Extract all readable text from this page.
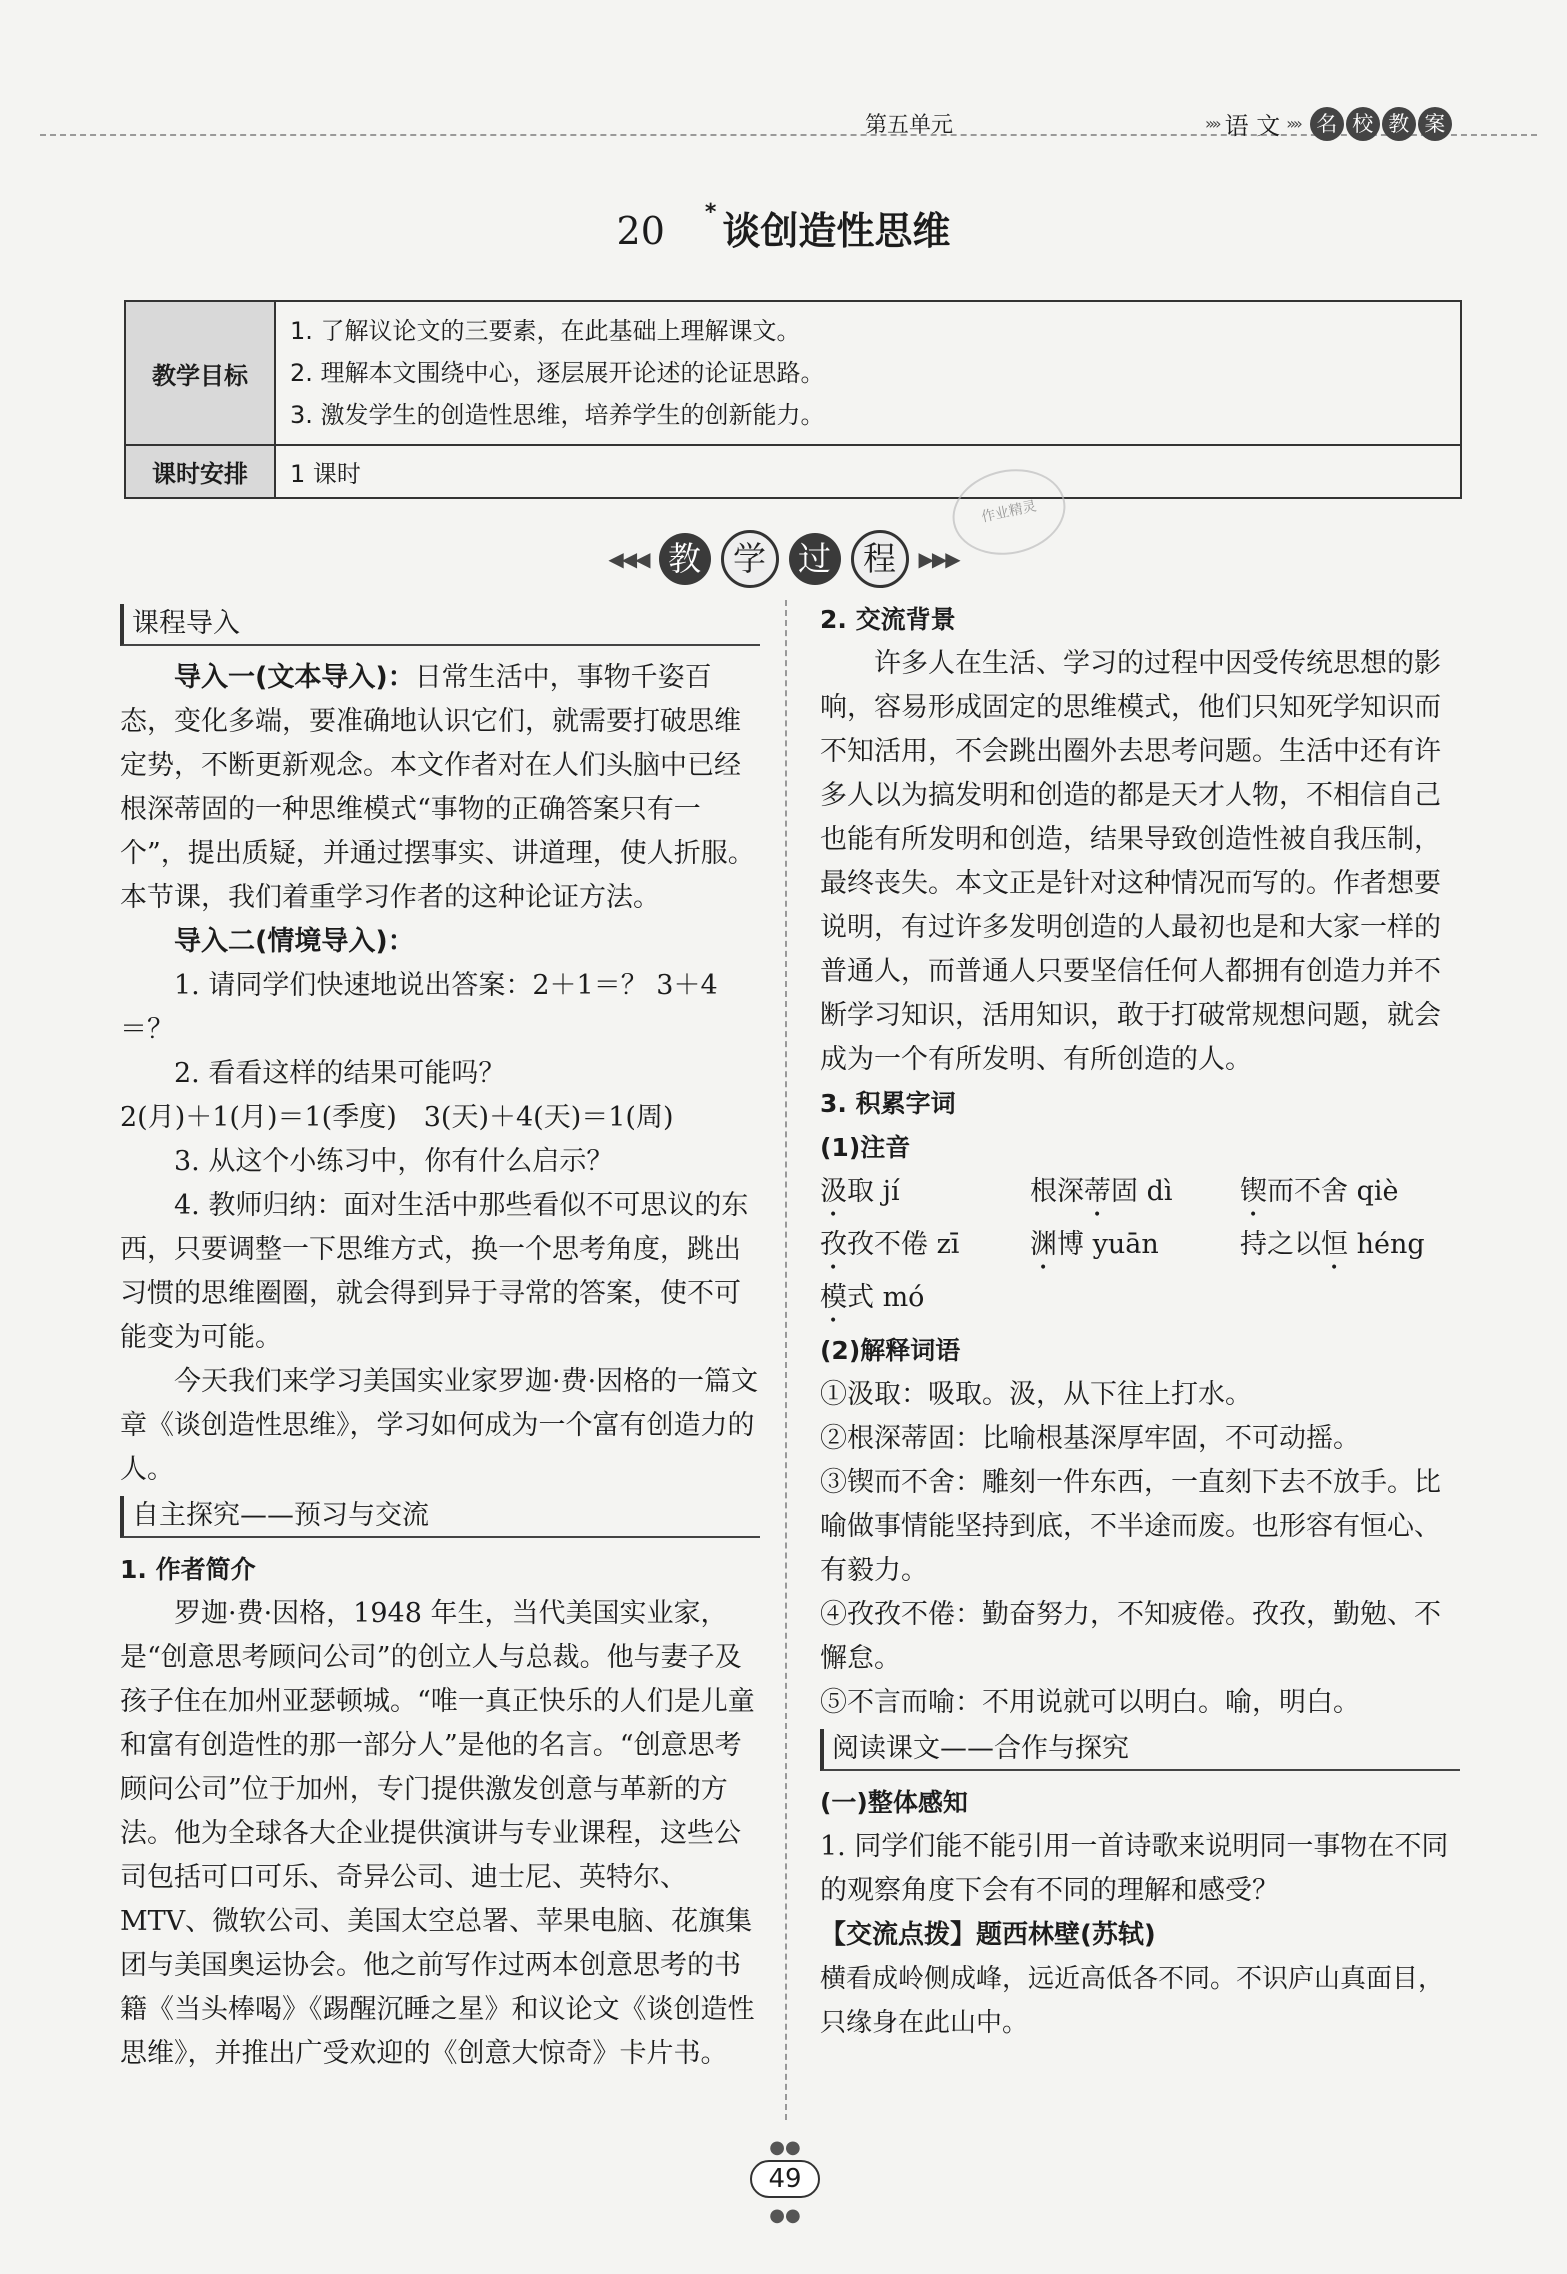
第五单元	»» 语 文 »» 名 校 教 案
20 * 谈创造性思维
教学目标	1. 了解议论文的三要素，在此基础上理解课文。
2. 理解本文围绕中心，逐层展开论述的论证思路。
3. 激发学生的创造性思维，培养学生的创新能力。

课时安排	1 课时
作业精灵
◀◀◀ 教 学 过 程	▶▶▶
课程导入

导入一(文本导入)：日常生活中，事物千姿百态，变化多端，要准确地认识它们，就需要打破思维定势，不断更新观念。本文作者对在人们头脑中已经根深蒂固的一种思维模式“事物的正确答案只有一个”，提出质疑，并通过摆事实、讲道理，使人折服。本节课，我们着重学习作者的这种论证方法。

导入二(情境导入)：

1. 请同学们快速地说出答案：2＋1＝？ 3＋4＝？

2. 看看这样的结果可能吗？

2(月)＋1(月)＝1(季度)　3(天)＋4(天)＝1(周)

3. 从这个小练习中，你有什么启示？

4. 教师归纳：面对生活中那些看似不可思议的东西，只要调整一下思维方式，换一个思考角度，跳出习惯的思维圈圈，就会得到异于寻常的答案，使不可能变为可能。

今天我们来学习美国实业家罗迦·费·因格的一篇文章《谈创造性思维》，学习如何成为一个富有创造力的人。

自主探究——预习与交流

1. 作者简介

罗迦·费·因格，1948 年生，当代美国实业家，是“创意思考顾问公司”的创立人与总裁。他与妻子及孩子住在加州亚瑟顿城。“唯一真正快乐的人们是儿童和富有创造性的那一部分人”是他的名言。“创意思考顾问公司”位于加州，专门提供激发创意与革新的方法。他为全球各大企业提供演讲与专业课程，这些公司包括可口可乐、奇异公司、迪士尼、英特尔、MTV、微软公司、美国太空总署、苹果电脑、花旗集团与美国奥运协会。他之前写作过两本创意思考的书籍《当头棒喝》《踢醒沉睡之星》和议论文《谈创造性思维》，并推出广受欢迎的《创意大惊奇》卡片书。

2. 交流背景

许多人在生活、学习的过程中因受传统思想的影响，容易形成固定的思维模式，他们只知死学知识而不知活用，不会跳出圈外去思考问题。生活中还有许多人以为搞发明和创造的都是天才人物，不相信自己也能有所发明和创造，结果导致创造性被自我压制，最终丧失。本文正是针对这种情况而写的。作者想要说明，有过许多发明创造的人最初也是和大家一样的普通人，而普通人只要坚信任何人都拥有创造力并不断学习知识，活用知识，敢于打破常规想问题，就会成为一个有所发明、有所创造的人。

3. 积累字词

(1)注音

汲取 jí	根深蒂固 dì	锲而不舍 qiè
孜孜不倦 zī	渊博 yuān	持之以恒 héng
模式 mó

(2)解释词语

①汲取：吸取。汲，从下往上打水。

②根深蒂固：比喻根基深厚牢固，不可动摇。

③锲而不舍：雕刻一件东西，一直刻下去不放手。比喻做事情能坚持到底，不半途而废。也形容有恒心、有毅力。

④孜孜不倦：勤奋努力，不知疲倦。孜孜，勤勉、不懈怠。

⑤不言而喻：不用说就可以明白。喻，明白。

阅读课文——合作与探究

(一)整体感知

1. 同学们能不能引用一首诗歌来说明同一事物在不同的观察角度下会有不同的理解和感受？

【交流点拨】题西林壁(苏轼)

横看成岭侧成峰，远近高低各不同。不识庐山真面目，只缘身在此山中。

●● 49 ●●
